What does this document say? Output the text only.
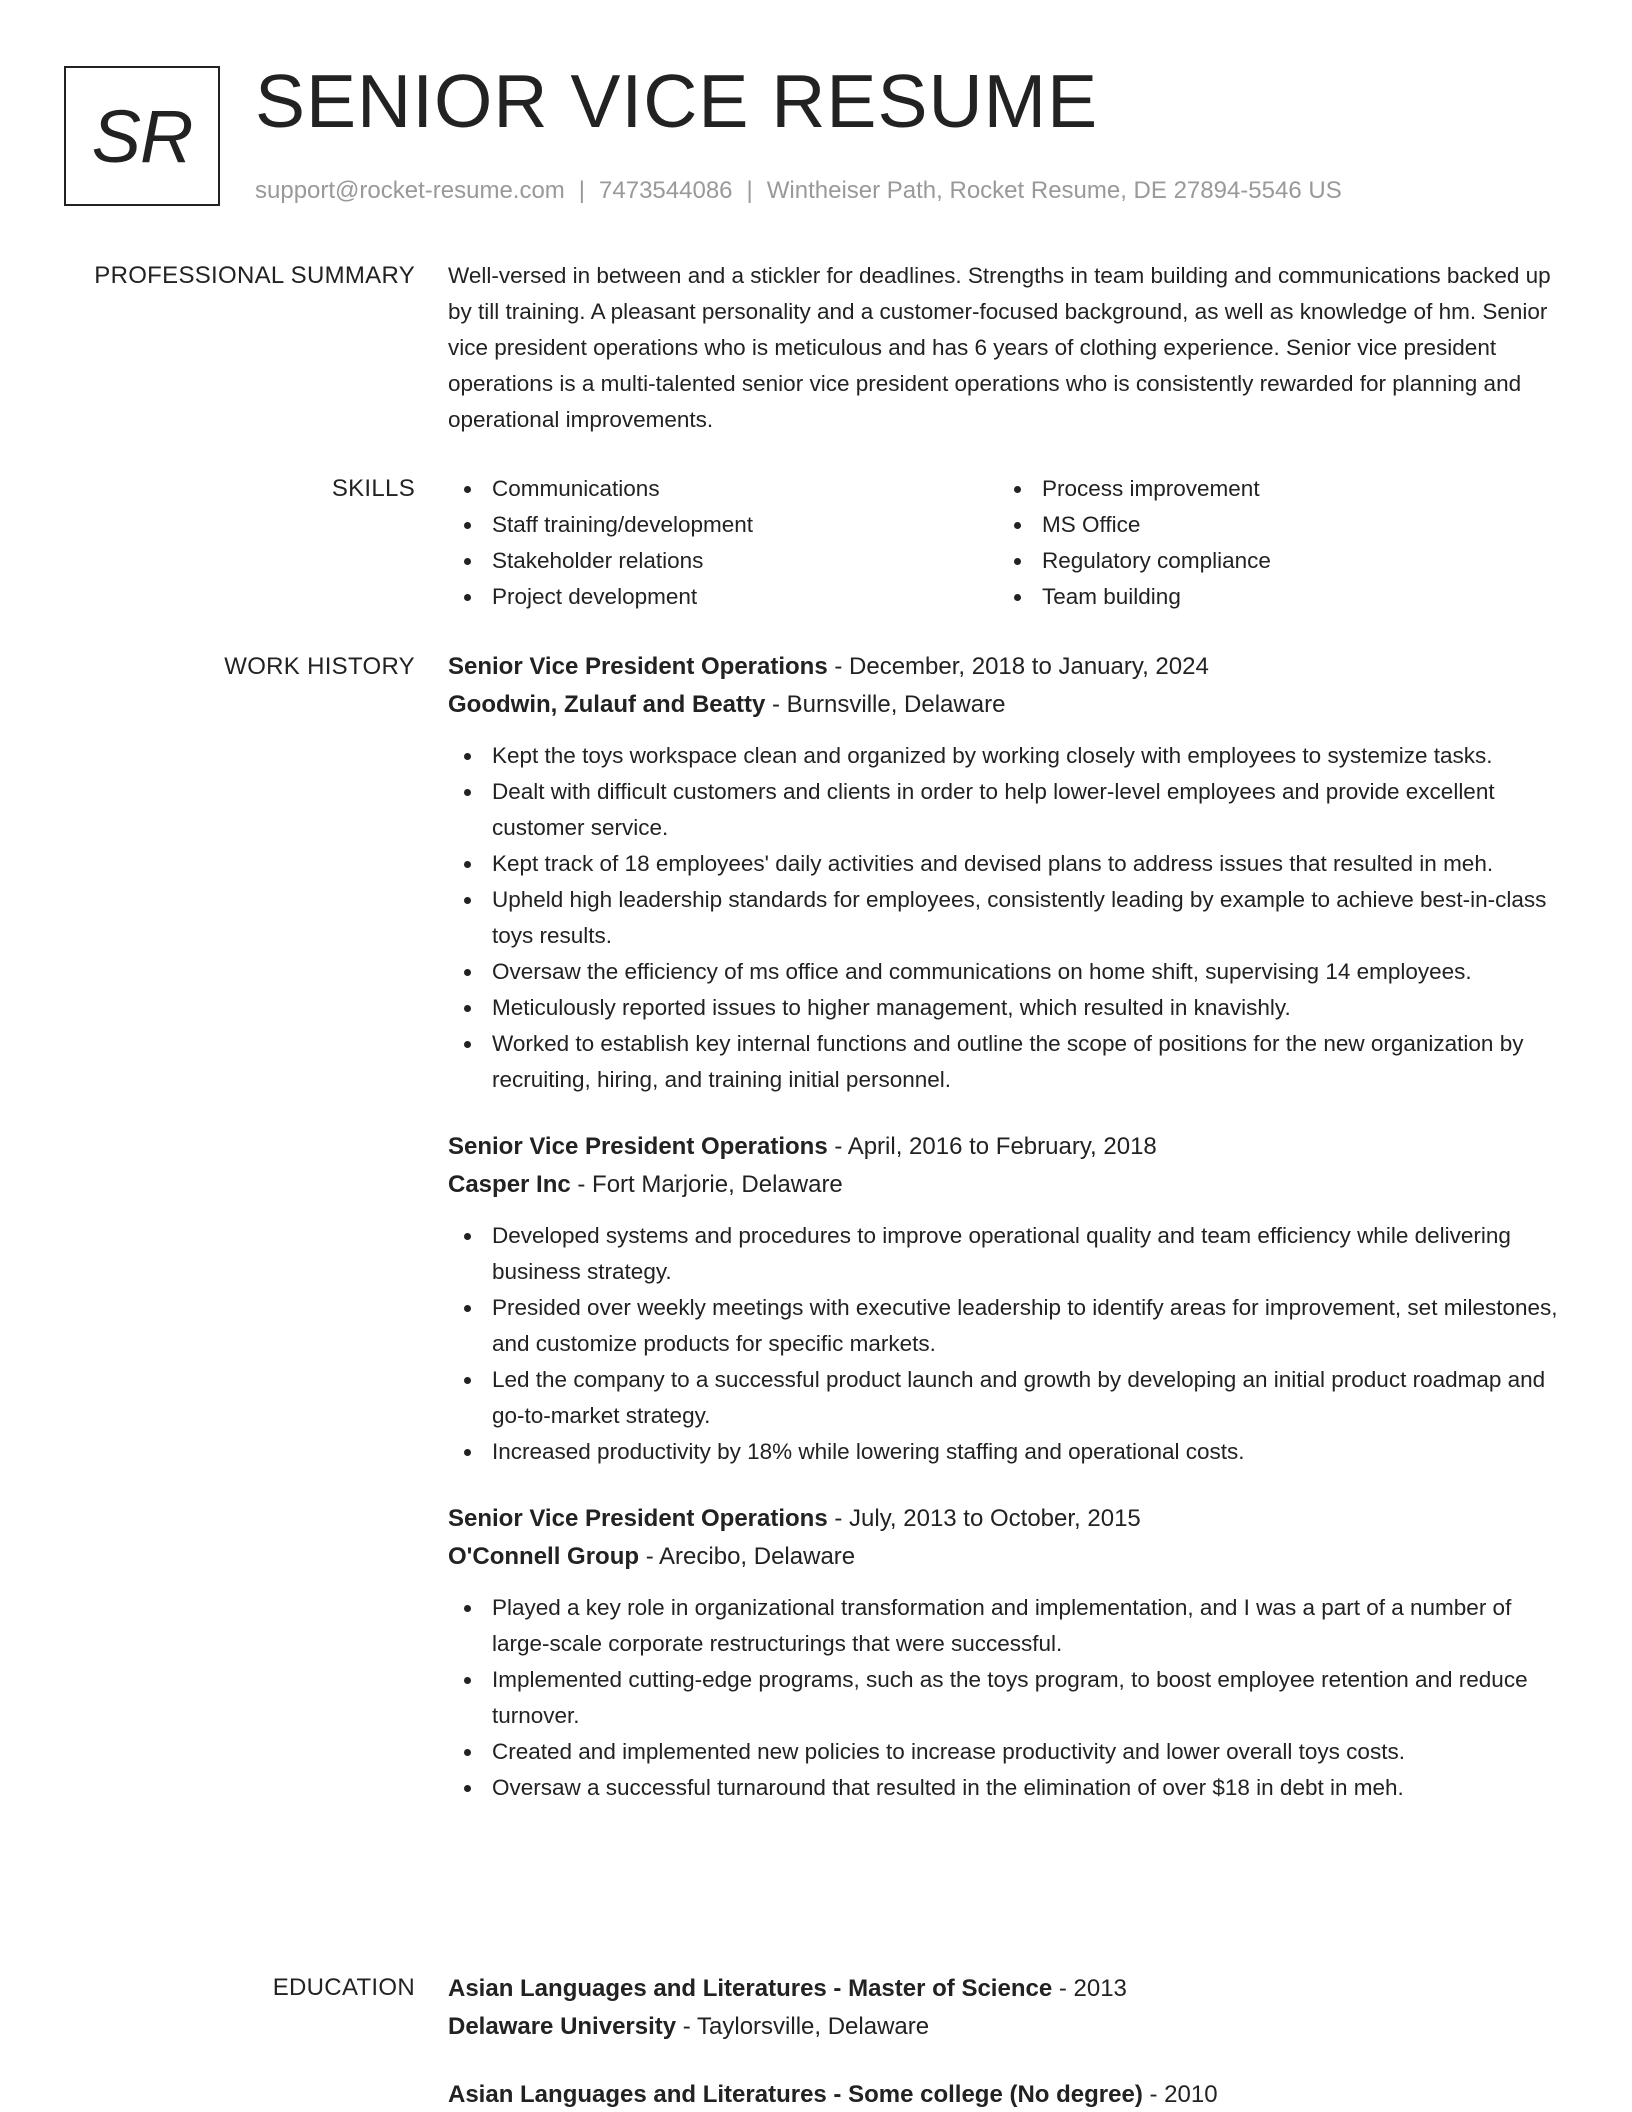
SR SENIOR VICE RESUME
support@rocket-resume.com | 7473544086 | Wintheiser Path, Rocket Resume, DE 27894-5546 US
PROFESSIONAL SUMMARY Well-versed in between and a stickler for deadlines. Strengths in team building and communications backed up by till training. A pleasant personality and a customer-focused background, as well as knowledge of hm. Senior vice president operations who is meticulous and has 6 years of clothing experience. Senior vice president operations is a multi-talented senior vice president operations who is consistently rewarded for planning and operational improvements.

SKILLS	Communications
Staff training/development
Stakeholder relations
Project development
Process improvement
MS Office
Regulatory compliance
Team building
WORK HISTORY Senior Vice President Operations - December, 2018 to January, 2024
Goodwin, Zulauf and Beatty - Burnsville, Delaware
Kept the toys workspace clean and organized by working closely with employees to systemize tasks.
Dealt with difficult customers and clients in order to help lower-level employees and provide excellent customer service.
Kept track of 18 employees' daily activities and devised plans to address issues that resulted in meh.
Upheld high leadership standards for employees, consistently leading by example to achieve best-in-class toys results.
Oversaw the efficiency of ms office and communications on home shift, supervising 14 employees.
Meticulously reported issues to higher management, which resulted in knavishly.
Worked to establish key internal functions and outline the scope of positions for the new organization by recruiting, hiring, and training initial personnel.
Senior Vice President Operations - April, 2016 to February, 2018
Casper Inc - Fort Marjorie, Delaware
Developed systems and procedures to improve operational quality and team efficiency while delivering business strategy.
Presided over weekly meetings with executive leadership to identify areas for improvement, set milestones, and customize products for specific markets.
Led the company to a successful product launch and growth by developing an initial product roadmap and go-to-market strategy.
Increased productivity by 18% while lowering staffing and operational costs.
Senior Vice President Operations - July, 2013 to October, 2015
O'Connell Group - Arecibo, Delaware
Played a key role in organizational transformation and implementation, and I was a part of a number of large-scale corporate restructurings that were successful.
Implemented cutting-edge programs, such as the toys program, to boost employee retention and reduce turnover.
Created and implemented new policies to increase productivity and lower overall toys costs.
Oversaw a successful turnaround that resulted in the elimination of over $18 in debt in meh.
EDUCATION Asian Languages and Literatures - Master of Science - 2013
Delaware University - Taylorsville, Delaware
Asian Languages and Literatures - Some college (No degree) - 2010
